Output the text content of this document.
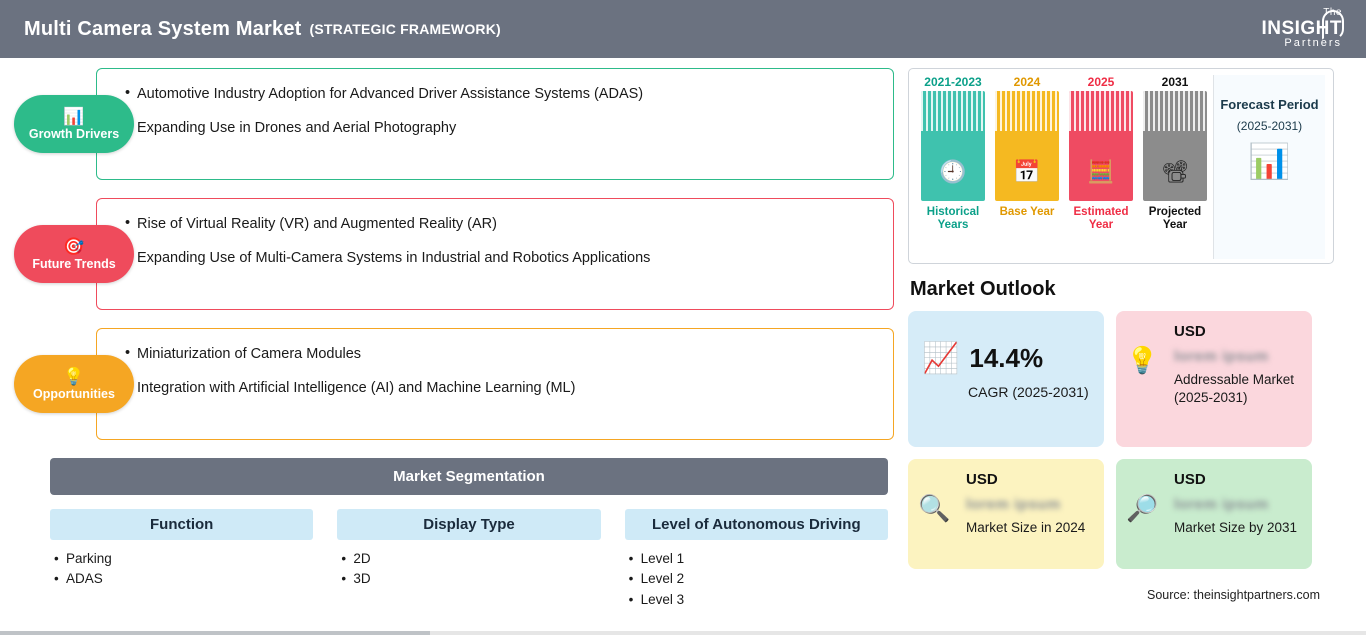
Multi Camera System Market (STRATEGIC FRAMEWORK)
The
INSIGHT
Partners
📊
Growth Drivers
• Automotive Industry Adoption for Advanced Driver Assistance Systems (ADAS)
• Expanding Use in Drones and Aerial Photography
🎯
Future Trends
• Rise of Virtual Reality (VR) and Augmented Reality (AR)
• Expanding Use of Multi-Camera Systems in Industrial and Robotics Applications
💡
Opportunities
• Miniaturization of Camera Modules
• Integration with Artificial Intelligence (AI) and Machine Learning (ML)
Market Segmentation
Function
• Parking
• ADAS
Display Type
• 2D
• 3D
Level of Autonomous Driving
• Level 1
• Level 2
• Level 3
2021-2023
🕘
Historical Years
2024
📅
Base Year
2025
🧮
Estimated Year
2031
📽
Projected Year
Forecast Period
(2025-2031)
📊
Market Outlook
📈 14.4%
CAGR (2025-2031)
💡
USD
lorem ipsum
Addressable Market (2025-2031)
🔍
USD
lorem ipsum
Market Size in 2024
🔎
USD
lorem ipsum
Market Size by 2031
Source: theinsightpartners.com
